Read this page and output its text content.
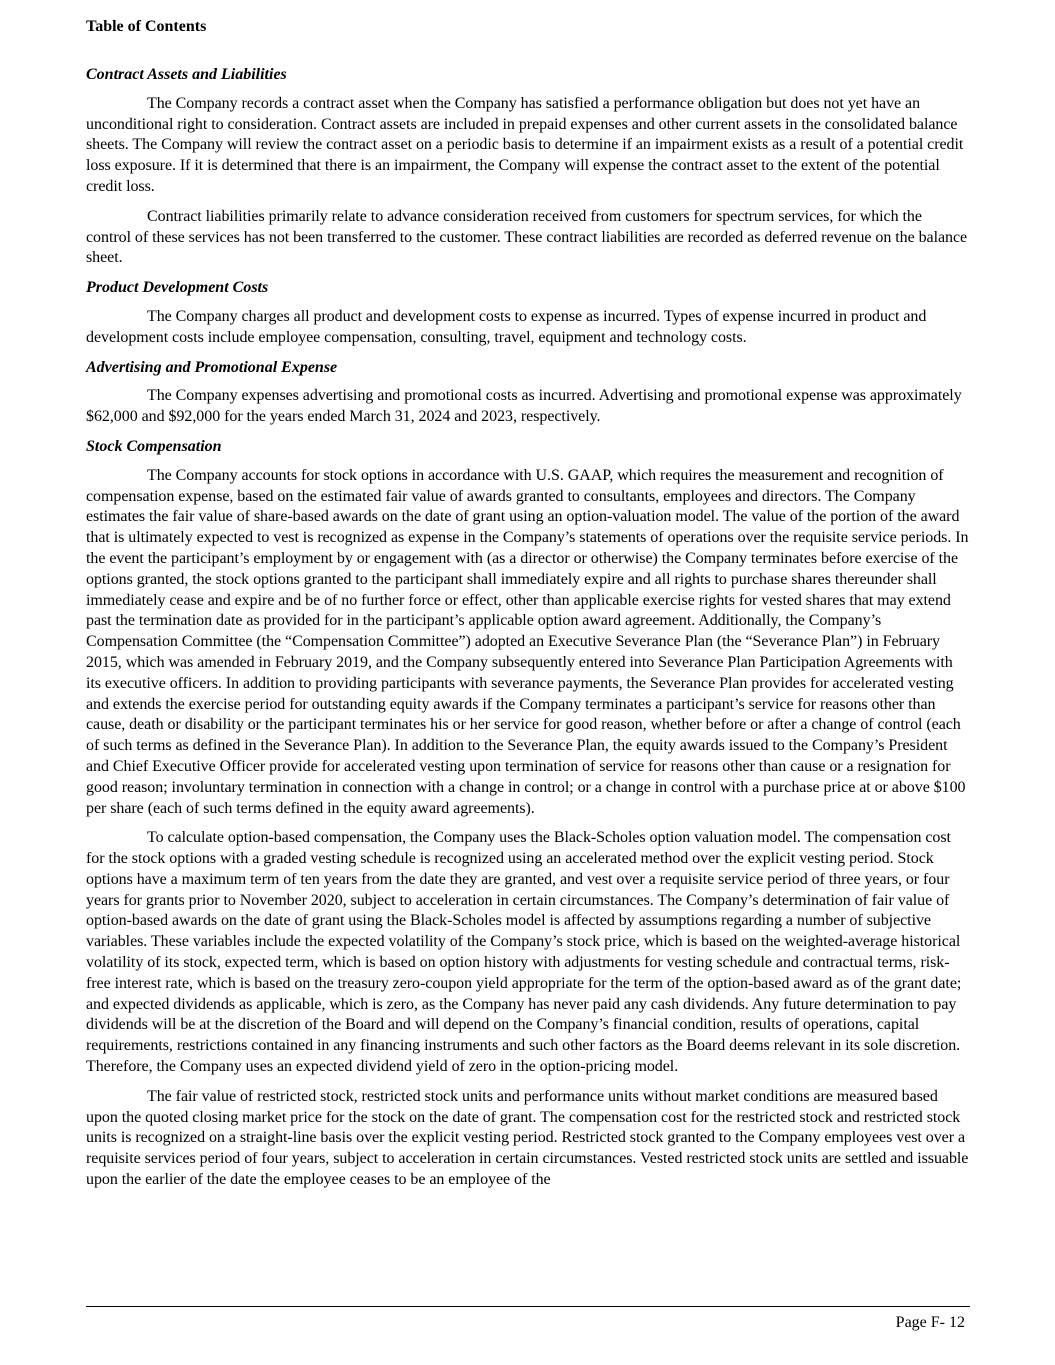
Table of Contents
Contract Assets and Liabilities

The Company records a contract asset when the Company has satisfied a performance obligation but does not yet have an unconditional right to consideration. Contract assets are included in prepaid expenses and other current assets in the consolidated balance sheets. The Company will review the contract asset on a periodic basis to determine if an impairment exists as a result of a potential credit loss exposure. If it is determined that there is an impairment, the Company will expense the contract asset to the extent of the potential credit loss.

Contract liabilities primarily relate to advance consideration received from customers for spectrum services, for which the control of these services has not been transferred to the customer. These contract liabilities are recorded as deferred revenue on the balance sheet.

Product Development Costs

The Company charges all product and development costs to expense as incurred. Types of expense incurred in product and development costs include employee compensation, consulting, travel, equipment and technology costs.

Advertising and Promotional Expense

The Company expenses advertising and promotional costs as incurred. Advertising and promotional expense was approximately $62,000 and $92,000 for the years ended March 31, 2024 and 2023, respectively.

Stock Compensation

The Company accounts for stock options in accordance with U.S. GAAP, which requires the measurement and recognition of compensation expense, based on the estimated fair value of awards granted to consultants, employees and directors. The Company estimates the fair value of share-based awards on the date of grant using an option-valuation model. The value of the portion of the award that is ultimately expected to vest is recognized as expense in the Company’s statements of operations over the requisite service periods. In the event the participant’s employment by or engagement with (as a director or otherwise) the Company terminates before exercise of the options granted, the stock options granted to the participant shall immediately expire and all rights to purchase shares thereunder shall immediately cease and expire and be of no further force or effect, other than applicable exercise rights for vested shares that may extend past the termination date as provided for in the participant’s applicable option award agreement. Additionally, the Company’s Compensation Committee (the “Compensation Committee”) adopted an Executive Severance Plan (the “Severance Plan”) in February 2015, which was amended in February 2019, and the Company subsequently entered into Severance Plan Participation Agreements with its executive officers. In addition to providing participants with severance payments, the Severance Plan provides for accelerated vesting and extends the exercise period for outstanding equity awards if the Company terminates a participant’s service for reasons other than cause, death or disability or the participant terminates his or her service for good reason, whether before or after a change of control (each of such terms as defined in the Severance Plan). In addition to the Severance Plan, the equity awards issued to the Company’s President and Chief Executive Officer provide for accelerated vesting upon termination of service for reasons other than cause or a resignation for good reason; involuntary termination in connection with a change in control; or a change in control with a purchase price at or above $100 per share (each of such terms defined in the equity award agreements).

To calculate option-based compensation, the Company uses the Black-Scholes option valuation model. The compensation cost for the stock options with a graded vesting schedule is recognized using an accelerated method over the explicit vesting period. Stock options have a maximum term of ten years from the date they are granted, and vest over a requisite service period of three years, or four years for grants prior to November 2020, subject to acceleration in certain circumstances. The Company’s determination of fair value of option-based awards on the date of grant using the Black-Scholes model is affected by assumptions regarding a number of subjective variables. These variables include the expected volatility of the Company’s stock price, which is based on the weighted-average historical volatility of its stock, expected term, which is based on option history with adjustments for vesting schedule and contractual terms, risk-free interest rate, which is based on the treasury zero-coupon yield appropriate for the term of the option-based award as of the grant date; and expected dividends as applicable, which is zero, as the Company has never paid any cash dividends. Any future determination to pay dividends will be at the discretion of the Board and will depend on the Company’s financial condition, results of operations, capital requirements, restrictions contained in any financing instruments and such other factors as the Board deems relevant in its sole discretion. Therefore, the Company uses an expected dividend yield of zero in the option-pricing model.

The fair value of restricted stock, restricted stock units and performance units without market conditions are measured based upon the quoted closing market price for the stock on the date of grant. The compensation cost for the restricted stock and restricted stock units is recognized on a straight-line basis over the explicit vesting period. Restricted stock granted to the Company employees vest over a requisite services period of four years, subject to acceleration in certain circumstances. Vested restricted stock units are settled and issuable upon the earlier of the date the employee ceases to be an employee of the

Page F- 12
